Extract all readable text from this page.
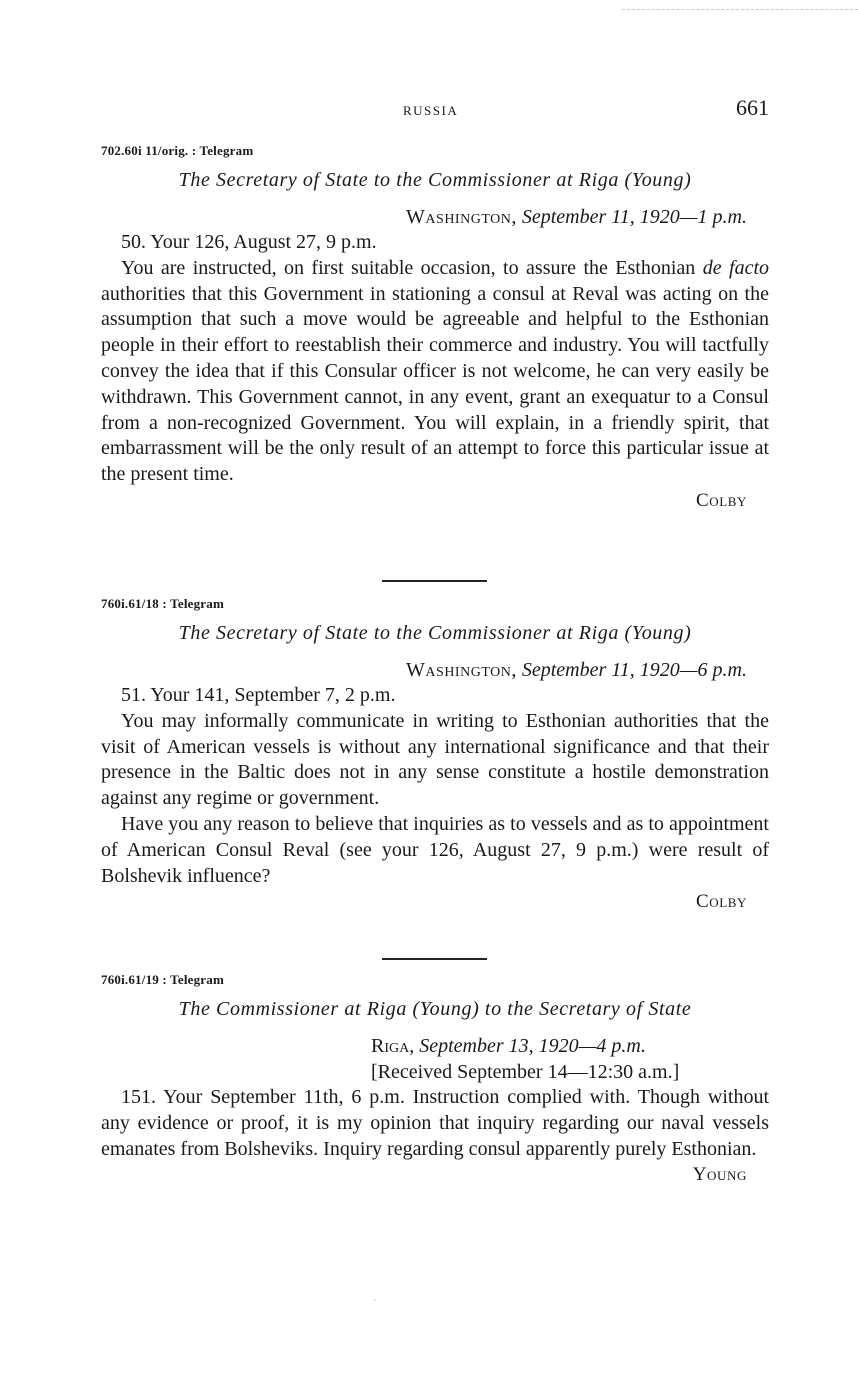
RUSSIA	661
702.60i 11/orig. : Telegram
The Secretary of State to the Commissioner at Riga (Young)
Washington, September 11, 1920—1 p.m.

50. Your 126, August 27, 9 p.m.

You are instructed, on first suitable occasion, to assure the Esthonian de facto authorities that this Government in stationing a consul at Reval was acting on the assumption that such a move would be agreeable and helpful to the Esthonian people in their effort to reestablish their commerce and industry. You will tactfully convey the idea that if this Consular officer is not welcome, he can very easily be withdrawn. This Government cannot, in any event, grant an exequatur to a Consul from a non-recognized Government. You will explain, in a friendly spirit, that embarrassment will be the only result of an attempt to force this particular issue at the present time.

Colby
760i.61/18 : Telegram
The Secretary of State to the Commissioner at Riga (Young)
Washington, September 11, 1920—6 p.m.

51. Your 141, September 7, 2 p.m.

You may informally communicate in writing to Esthonian authorities that the visit of American vessels is without any international significance and that their presence in the Baltic does not in any sense constitute a hostile demonstration against any regime or government.

Have you any reason to believe that inquiries as to vessels and as to appointment of American Consul Reval (see your 126, August 27, 9 p.m.) were result of Bolshevik influence?

Colby
760i.61/19 : Telegram
The Commissioner at Riga (Young) to the Secretary of State
Riga, September 13, 1920—4 p.m.
[Received September 14—12:30 a.m.]

151. Your September 11th, 6 p.m. Instruction complied with. Though without any evidence or proof, it is my opinion that inquiry regarding our naval vessels emanates from Bolsheviks. Inquiry regarding consul apparently purely Esthonian.

Young
'
